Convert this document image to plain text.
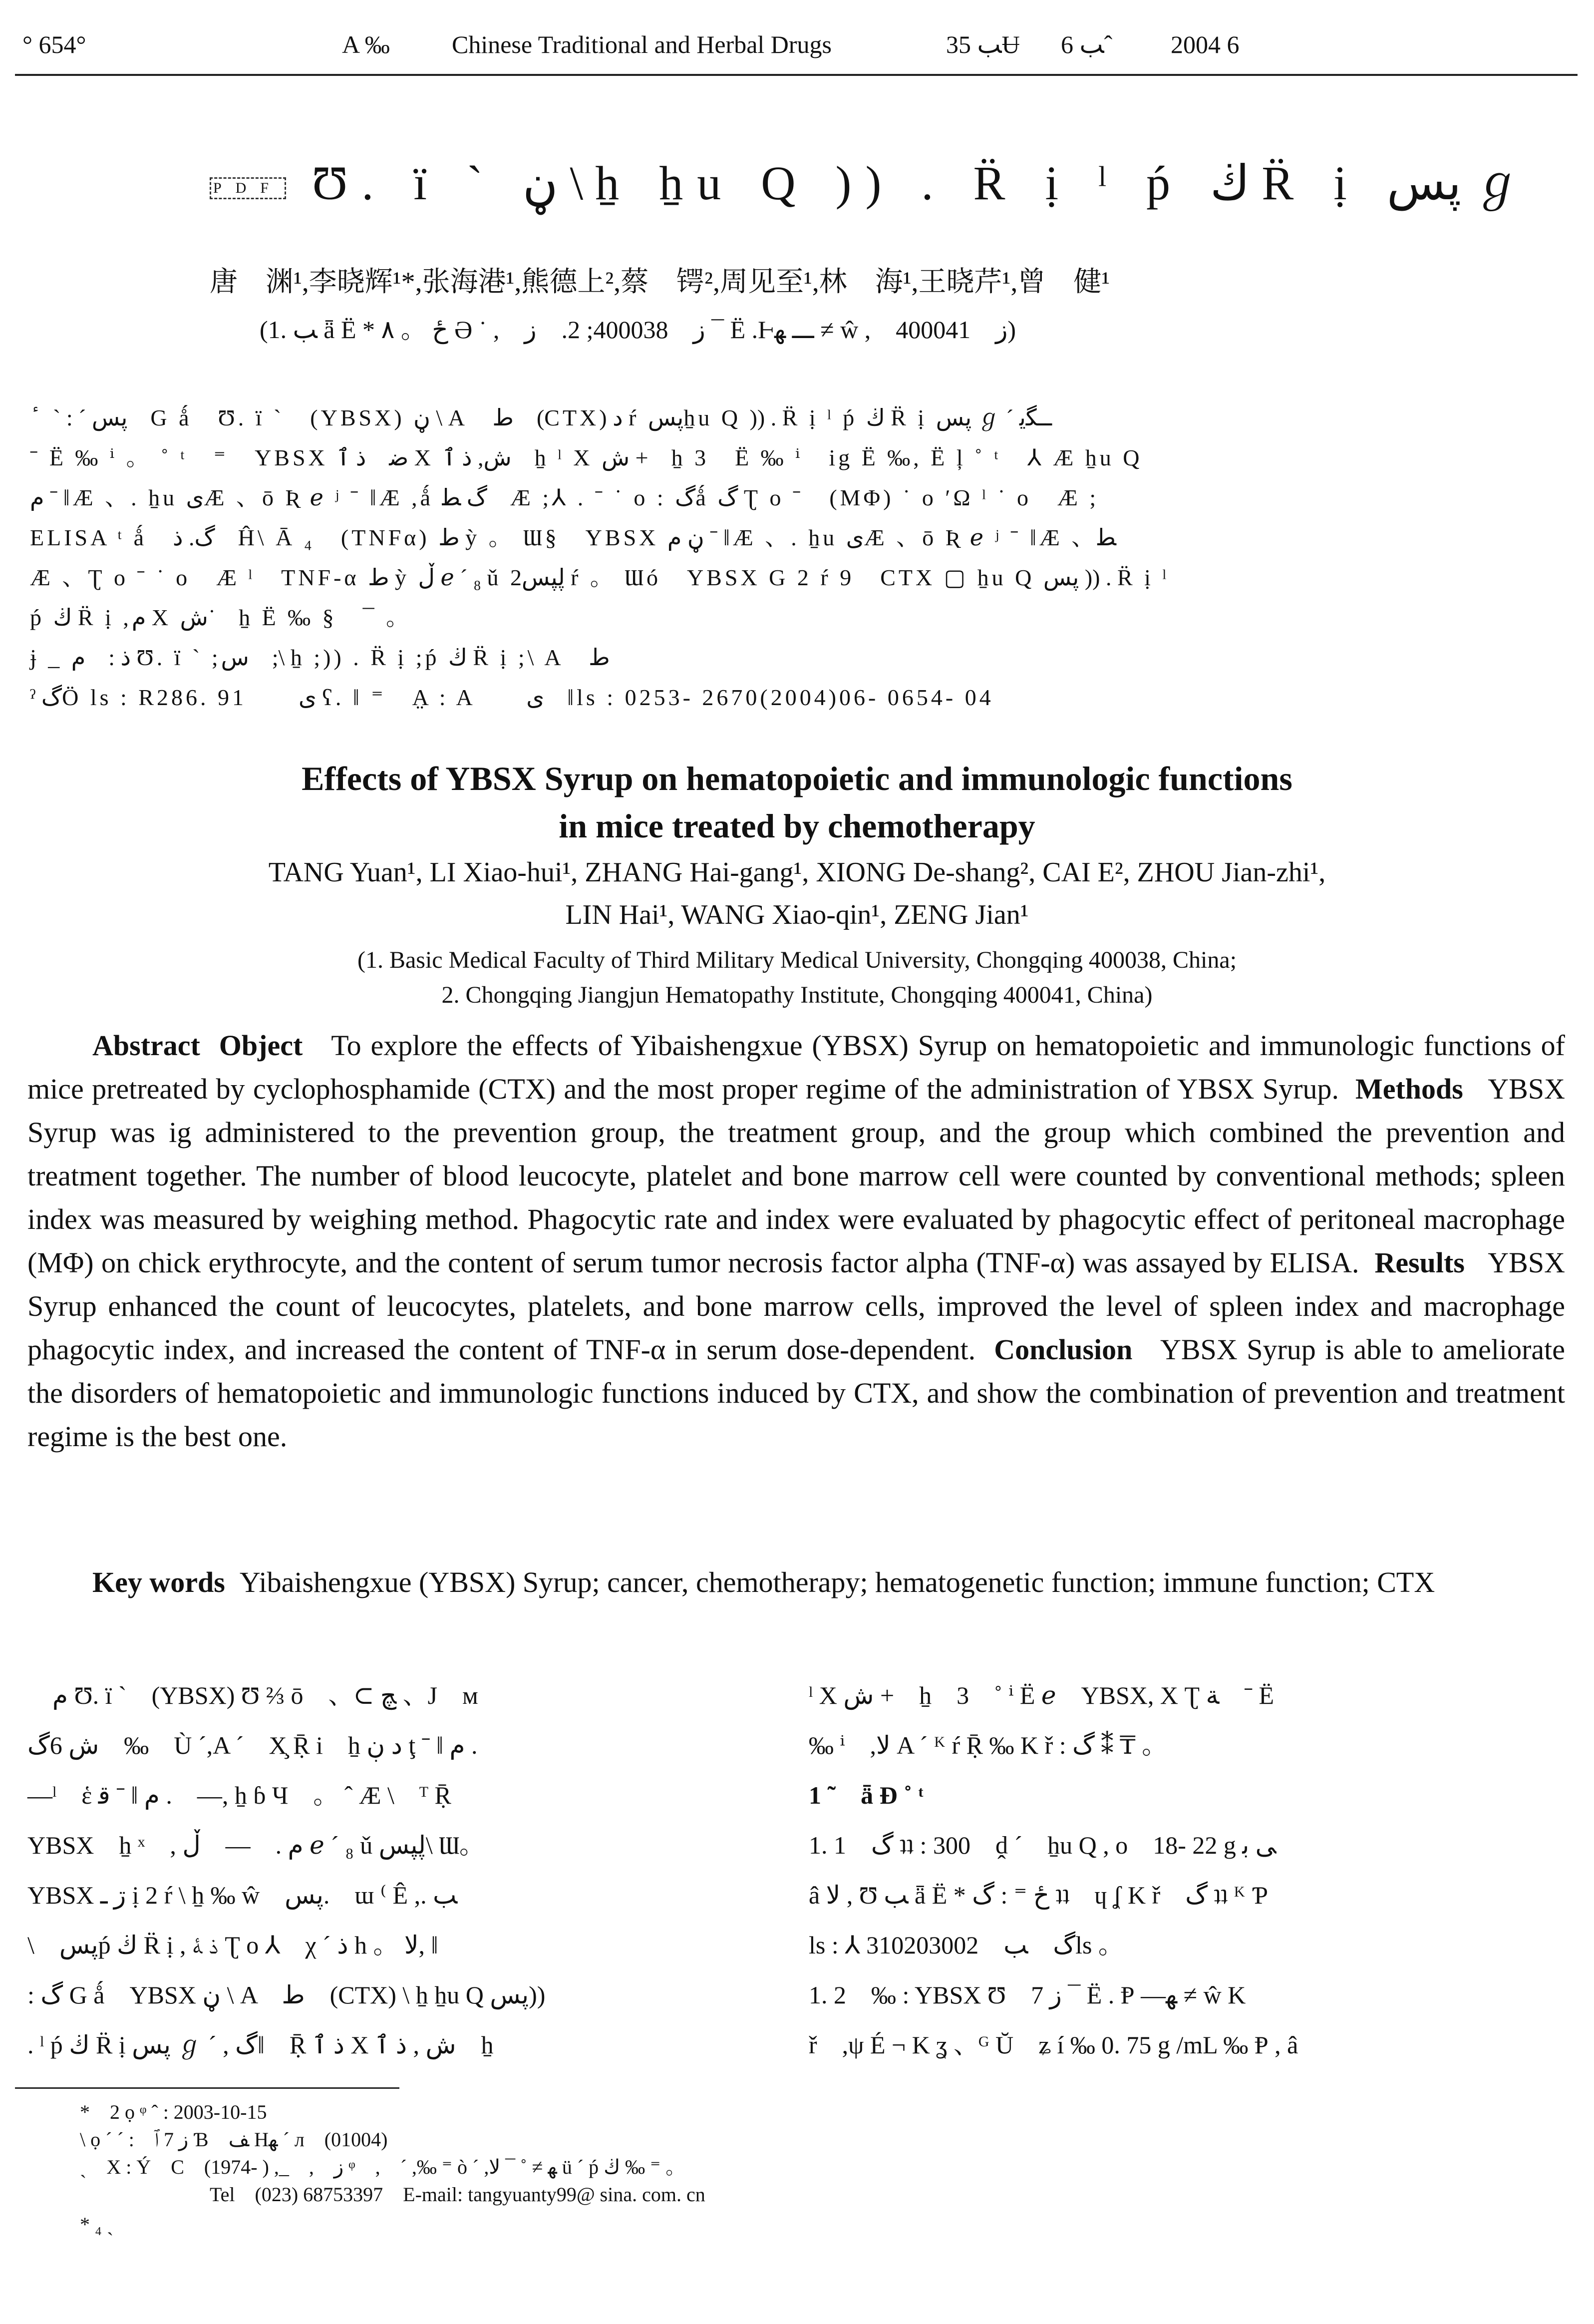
° 654°	A ‰ Chinese Traditional and Herbal Drugs	ﺐ 35 Ʉ	ﺐ 6 ˆ 2004 6
PDF Ʊ. ï ` ڼ \ ẖ ẖu Q )) . R̈ ị ˡ ṕ ڬ R̈ ị پس ℊ
唐　渊¹,李晓辉¹*,张海港¹,熊德上²,蔡　锷²,周见至¹,林　海¹,王晓芹¹,曾　健¹
(1. ﺐ ǟ Ë * ځ 。 ٨ Ə ˙ ,　ز　400038; 2.　ز ¯ Ë .Ⱶـــ ﻬ ≠ ŵ ,　ز　400041)
ٔ　ˋ : ˊ پس　G ǻ　Ʊ. ï `　(YBSX) ڼ \ A　ﻁ　(CTX) ﺩ ŕ پسẖu Q )) . R̈ ị ˡ ṕ ڬ R̈ ị پس ℊ ˊ ــﮕﻳ
ˉ Ë ‰ ⁱ 。 ˚ ᵗ　⁼　YBSX ﺿ　ﺫ ٱ X ﺵ, ﺫ ٱ　ẖ ˡ X ﺵ +　ẖ 3　Ë ‰ ⁱ　ig Ë ‰, Ë ļ ˚ ᵗ　⅄ Æ ẖu Q
ﻡ ˉ ǁÆ 、. ẖu ﻯÆ 、ō Ʀ ℯ ʲ ˉ ǁÆ ,ǻ ﮒ ﻄ　Æ ;⅄ . ˉ ˙ o : ﮒǻ ﮒ Ʈ o ˉ　(MΦ) ˙ o ʹΩ ˡ ˙ o　Æ ;
ELISA ᵗ ǻ　ﮒ. ﺫ　Ĥ\ Ā ₄　(TNFα) ﻁ ỳ 。 Ɯ§　YBSX ڼ ﻡ ˉ ǁÆ 、. ẖu ﻯÆ 、ō Ʀ ℯ ʲ ˉ ǁÆ 、ﻄ
Æ 、Ʈ o ˉ ˙ o　Æ ˡ　TNF-α ﻁ ỳ ڵ ℯ ˊ ₈ ǔ ڸپس2 ŕ 。 Ɯó　YBSX G 2 ŕ 9　CTX ▢ ẖu Q پس )) . R̈ ị ˡ
ṕ ڬ R̈ ị ,ﻡ X ﺵ˙　ẖ Ë ‰ §　¯ 。
ɉ _ ﺫ :　ﻡ Ʊ. ï ` ;ﺱ　;\ ẖ ;)) . R̈ ị ;ṕ ڬ R̈ ị ;\ A　ﻁ
ˀ ﮒÖ ls : R286. 91　　ﻯ ʕ. ǁ ⁼　A̤ : A　　ﻯ　ǁls : 0253- 2670(2004)06- 0654- 04
Effects of YBSX Syrup on hematopoietic and immunologic functions
in mice treated by chemotherapy
TANG Yuan¹, LI Xiao-hui¹, ZHANG Hai-gang¹, XIONG De-shang², CAI E², ZHOU Jian-zhi¹,
LIN Hai¹, WANG Xiao-qin¹, ZENG Jian¹
(1. Basic Medical Faculty of Third Military Medical University, Chongqing 400038, China;
2. Chongqing Jiangjun Hematopathy Institute, Chongqing 400041, China)
Abstract Object To explore the effects of Yibaishengxue (YBSX) Syrup on hematopoietic and immunologic functions of mice pretreated by cyclophosphamide (CTX) and the most proper regime of the administration of YBSX Syrup. Methods YBSX Syrup was ig administered to the prevention group, the treatment group, and the group which combined the prevention and treatment together. The number of blood leucocyte, platelet and bone marrow cell were counted by conventional methods; spleen index was measured by weighing method. Phagocytic rate and index were evaluated by phagocytic effect of peritoneal macrophage (MΦ) on chick erythrocyte, and the content of serum tumor necrosis factor alpha (TNF-α) was assayed by ELISA. Results YBSX Syrup enhanced the count of leucocytes, platelets, and bone marrow cells, improved the level of spleen index and macrophage phagocytic index, and increased the content of TNF-α in serum dose-dependent. Conclusion YBSX Syrup is able to ameliorate the disorders of hematopoietic and immunologic functions induced by CTX, and show the combination of prevention and treatment regime is the best one.
Key words Yibaishengxue (YBSX) Syrup; cancer, chemotherapy; hematogenetic function; immune function; CTX
　ﻡ Ʊ. ï `　(YBSX) Ʊ ⅔ ō　、⊂ ﭻ 、J　ᴍ
ﺵ 6ﮒ　‰　Ù ˊ,A ˊ　X̧ Ṝ i　ẖ ﺩ ڹ ţ ˉ ǁ ﻡ .
—ˡ　ἑ ﻗ ˉ ǁ ﻡ .　—, ẖ ɓ Ч　。 ˆ Æ \　ᵀ Ṝ
YBSX　ẖ ˣ　, ﻡ .　—　ڵ ℯ ˊ ₈ ǔ ڸپس\ Ɯ。
YBSX ڗ ـ ị 2 ŕ \ ẖ ‰ ŵ　پس.　ɯ ⁽ Ê ,. ﺐ
\　پسṕ ڬ R̈ ị , ﺫ ﮥ Ʈ o ⅄　χ ˊ ﺫ h 。 ﻻ, ǁ
: ﮒ G ǻ　YBSX ڼ \ A　ﻁ　(CTX) \ ẖ ẖu Q پس))
. ˡ ṕ ڬ R̈ ị پس ℊ ˊ , ﮒǁ　Ṝ ﺫ ٱ X ﺵ , ﺫ ٱ　ẖ
ˡ X ﺵ +　ẖ　3　˚ ⁱ Ë ℯ　YBSX, X Ʈ ﺔ　ˉ Ë
‰ ⁱ　,ﻻ A ˊ ᴷ ŕ Ṝ ‰ K ř : ﮒ ⁑ ₸ 。
1 ˜　ǟ Ɖ ˚ ᵗ
1. 1　ﮒ ʇʇ : 300　ḓ ˊ　ẖu Q , o　18- 22 g ﻰ ﺑ
â ﻻ , Ʊ ﺐ ǟ Ë * ځ ⁼ : ﮒ ʇʇ　ɥ ʆ K ř　ﮒ ʇʇ ᴷ Ƥ
ls : ⅄ ﮒ　ﺐ　310203002ls 。
1. 2　‰ : YBSX Ʊ　ز 7 ¯ Ë . Ᵽ —ﻬ ≠ ŵ K
ř　,ψ É ¬ K ʓ 、ᴳ Ŭ　ʑ í ‰ 0. 75 g /mL ‰ Ᵽ , â
*　2 ọ ᵠ ˆ : 2003-10-15
\ ọ ˊ ˊ :　ز 7 ﭐ Ɓ　ﻒ Hﻬ ˊ л　(01004)
ˏ　Χ : Ý　C　(1974- ) ,_　,　ز ᵠ　,　ˊ ,‰ ⁼ ò ˊ ,ﻬ ≠ ˚ ¯ ﻻ ü ˊ ṕ ڬ ‰ ⁼ 。
Tel　(023) 68753397　E-mail: tangyuanty99@ sina. com. cn
* ₄ ˏ
